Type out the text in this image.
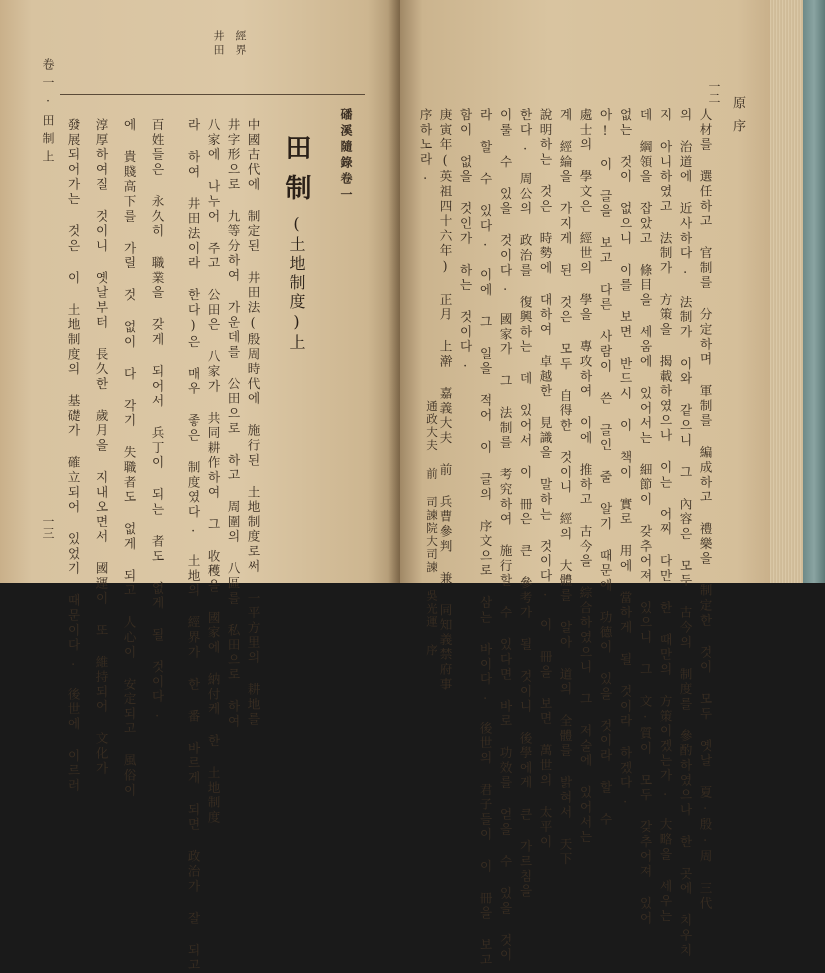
井田 經界
磻溪隨錄卷一
田制(土地制度)上
中國古代에 制定된 井田法(殷周時代에 施行된 土地制度로써 一平方里의 耕地를
井字形으로 九等分하여 가운데를 公田으로 하고 周圍의 八區를 私田으로 하여
八家에 나누어 주고 公田은 八家가 共同耕作하여 그 收穫을 國家에 納付케 한 土地制度
라 하여 井田法이라 한다)은 매우 좋은 制度였다. 土地의 經界가 한 番 바르게 되면 政治가 잘 되고
百姓들은 永久히 職業을 갖게 되어서 兵丁이 되는 者도 없게 될 것이다.
에 貴賤高下를 가릴 것 없이 다 각기 失職者도 없게 되고 人心이 安定되고 風俗이
淳厚하여질 것이니 옛날부터 長久한 歲月을 지내오면서 國運이 또 維持되어 文化가
發展되어가는 것은 이 土地制度의 基礎가 確立되어 있었기 때문이다. 後世에 이르러
卷一·田制上
一三	人材를 選任하고 官制를 分定하며 軍制를 編成하고 禮樂을 制定한 것이 모두 옛날 夏·殷·周 三代
의 治道에 近사하다. 法制가 이와 같으니 그 內容은 모두 古今의 制度를 參酌하였으나 한 곳에 치우치
지 아니하였고 法制가 方策을 揭載하였으나 이는 어찌 다만 한 때만의 方策이겠는가. 大略을 세우는
데 綱領을 잡았고 條目을 세움에 있어서는 細節이 갖추어져 있으니 그 文·質이 모두 갖추어져 있어
없는 것이 없으니 이를 보면 반드시 이 책이 實로 用에 當하게 될 것이라 하겠다.
아! 이 글을 보고 다른 사람이 쓴 글인 줄 알기 때문에 功德이 있을 것이라 할 수
處士의 學文은 經世의 學을 專攻하여 이에 推하고 古今을 綜合하였으니 그 저술에 있어서는
계 經綸을 가지게 된 것은 모두 自得한 것이니 經의 大體를 알아 道의 全體를 밝혀서 天下
說明하는 것은 時勢에 대하여 卓越한 見識을 말하는 것이다. 이 冊을 보면 萬世의 太平이
한다. 周公의 政治를 復興하는 데 있어서 이 冊은 큰 參考가 될 것이니 後學에게 큰 가르침을
이룰 수 있을 것이다. 國家가 그 法制를 考究하여 施行할 수 있다면 바로 功效를 얻을 수 있을 것이
라 할 수 있다. 이에 그 일을 적어 이 글의 序文으로 삼는 바이다. 後世의 君子들이 이 冊을 보고
함이 없을 것인가 하는 것이다.
庚寅年(英祖四十六年) 正月 上澣 嘉義大夫 前 兵曹參判 兼 同知義禁府事
序하노라.
通政大夫 前 司諫院大司諫 吳光運 序
原序
一二
